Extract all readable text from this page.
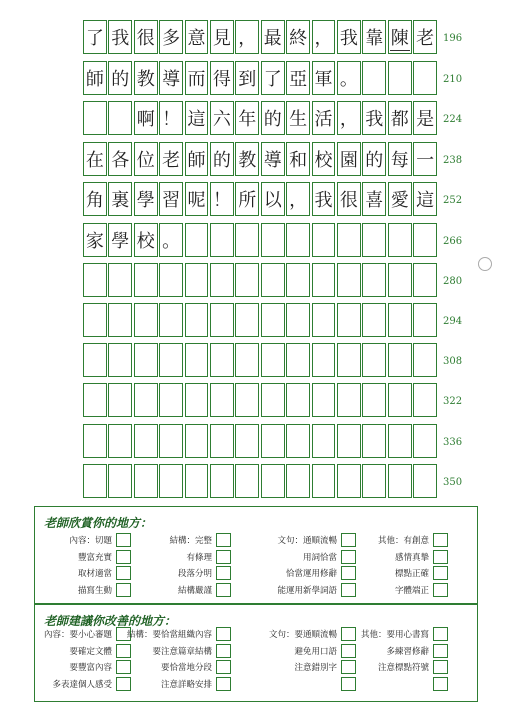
了 我 很 多 意 見 ， 最 終 ， 我 靠 陳 老
師 的 教 導 而 得 到 了 亞 軍 。
啊 ！ 這 六 年 的 生 活 ， 我 都 是
在 各 位 老 師 的 教 導 和 校 園 的 每 一
角 裏 學 習 呢 ！ 所 以 ， 我 很 喜 愛 這
家 學 校 。
老師欣賞你的地方：
老師建議你改善的地方：
內容：切題
豐富充實
取材適當
描寫生動
結構：完整
有條理
段落分明
結構嚴謹
文句：通順流暢
用詞恰當
恰當運用修辭
能運用新學詞語
其他：有創意
感情真摯
標點正確
字體端正
內容：要小心審題
要確定文體
要豐富內容
多表達個人感受
結構：要恰當組織內容
要注意篇章結構
要恰當地分段
注意詳略安排
文句：要通順流暢
避免用口語
注意錯別字
其他：要用心書寫
多練習修辭
注意標點符號
196
210
224
238
252
266
280
294
308
322
336
350
